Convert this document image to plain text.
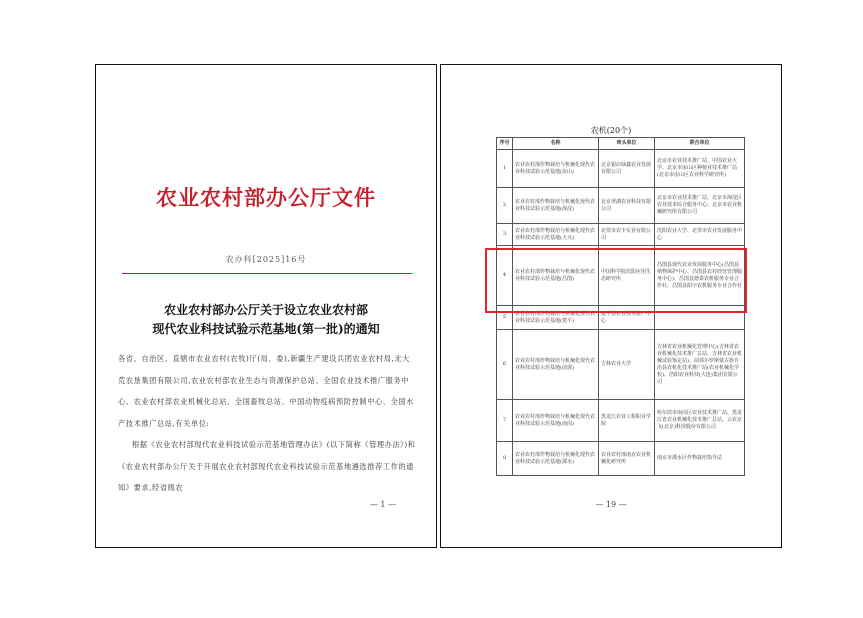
农业农村部办公厅文件
农办科[2025]16号
农业农村部办公厅关于设立农业农村部
现代农业科技试验示范基地(第一批)的通知

各省、自治区、直辖市农业农村(农牧)厅(局、委),新疆生产建设兵团农业农村局,北大荒农垦集团有限公司,农业农村部农业生态与资源保护总站、全国农业技术推广服务中心、农业农村部农业机械化总站、全国畜牧总站、中国动物疫病预防控制中心、全国水产技术推广总站,有关单位:

根据《农业农村部现代农业科技试验示范基地管理办法》(以下简称《管理办法》)和《农业农村部办公厅关于开展农业农村部现代农业科技试验示范基地遴选推荐工作的通知》要求,经省级农

— 1 —
农机(20个)
序号	名称	牵头单位	联合单位
1	农业农村部作物栽培与机械化现代农业科技试验示范基地(房山)	北京银店绿鑫农业发展有限公司	北京市农业技术推广站、中国农业大学、北京市房山区种植业技术推广站(北京市房山区农业科学研究所)
2	农业农村部作物栽培与机械化现代农业科技试验示范基地(海淀)	北京翠湖农业科技有限公司	北京市农业技术推广站、北京市海淀区农业技术综合服务中心、北京市农业机械研究所有限公司
3	农业农村部作物栽培与机械化现代农业科技试验示范基地(大兴)	北票市农丰实业有限公司	沈阳农业大学、北票市农业发展服务中心
4	农业农村部作物栽培与机械化现代农业科技试验示范基地(昌图)	中国科学院沈阳应用生态研究所	昌图县现代农业发展服务中心(昌图县植物保护中心、昌图县农村经营管理服务中心)、昌图县德泰农机服务专业合作社、昌图县阳宇农机服务专业合作社
5	农业农村部作物栽培与机械化现代农业科技试验示范基地(建平)	建平县农业技术推广中心	
6	农业农村部作物栽培与机械化现代农业科技试验示范基地(前郭)	吉林农业大学	吉林省农业机械化管理中心(吉林省农业机械化技术推广总站、吉林省农业机械试验鉴定站)、前郭尔罗斯蒙古族自治县农机化技术推广站(农业机械化学校)、浩阳农业科技(大连)集团有限公司
7	农业农村部作物栽培与机械化现代农业科技试验示范基地(南岗)	黑龙江农业工程职业学院	哈尔滨市南岗区农业技术推广站、黑龙江省农业机械化技术推广总站、云农京飞(北京)科技股份有限公司
8	农业农村部作物栽培与机械化现代农业科技试验示范基地(溧水)	农业农村部南京农业机械化研究所	南京市溧水区作物栽培指导站
— 19 —
